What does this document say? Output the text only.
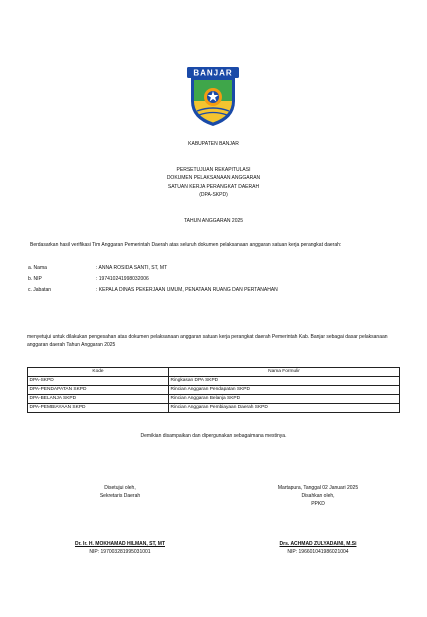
BANJAR
KABUPATEN BANJAR
PERSETUJUAN REKAPITULASI
DOKUMEN PELAKSANAAN ANGGARAN
SATUAN KERJA PERANGKAT DAERAH
(DPA-SKPD)
TAHUN ANGGARAN 2025
Berdasarkan hasil verifikasi Tim Anggaran Pemerintah Daerah atas seluruh dokumen pelaksanaan anggaran satuan kerja perangkat daerah:
a. Nama	: ANNA ROSIDA SANTI, ST, MT
b. NIP	: 197410241998032006
c. Jabatan	: KEPALA DINAS PEKERJAAN UMUM, PENATAAN RUANG DAN PERTANAHAN
menyetujui untuk dilakukan pengesahan atas dokumen pelaksanaan anggaran satuan kerja perangkat daerah Pemerintah Kab. Banjar sebagai dasar pelaksanaan
anggaran daerah Tahun Anggaran 2025
Kode	Nama Formulir
DPA-SKPD	Ringkasan DPA SKPD
DPA-PENDAPATAN SKPD	Rincian Anggaran Pendapatan SKPD
DPA-BELANJA SKPD	Rincian Anggaran Belanja SKPD
DPA-PEMBIAYAAN SKPD	Rincian Anggaran Pembiayaan Daerah SKPD
Demikian disampaikan dan dipergunakan sebagaimana mestinya.
Disetujui oleh,
Sekretaris Daerah
Dr. Ir. H. MOKHAMAD HILMAN, ST, MT
NIP: 197003281995031001
Martapura, Tanggal 02 Januari 2025
Disahkan oleh,
PPKD
Drs. ACHMAD ZULYADAINI, M.Si
NIP: 196601041986021004
